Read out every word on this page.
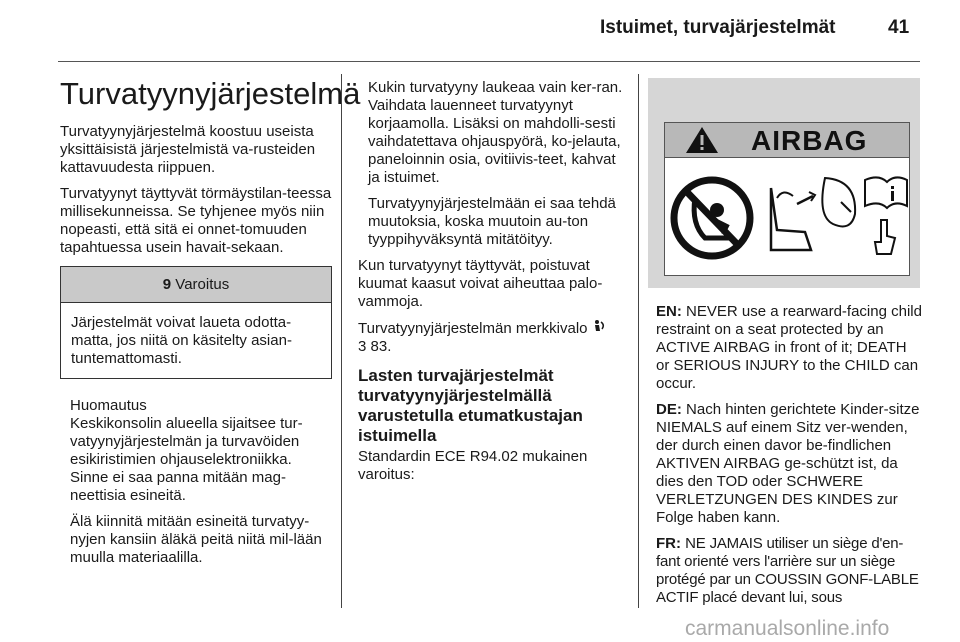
Istuimet, turvajärjestelmät	41
Turvatyynyjärjestelmä

Turvatyynyjärjestelmä koostuu useista yksittäisistä järjestelmistä va-rusteiden kattavuudesta riippuen.

Turvatyynyt täyttyvät törmäystilan-teessa millisekunneissa. Se tyhjenee myös niin nopeasti, että sitä ei onnet-tomuuden tapahtuessa usein havait-sekaan.

9 Varoitus
Järjestelmät voivat laueta odotta-matta, jos niitä on käsitelty asian-tuntemattomasti.
Huomautus

Keskikonsolin alueella sijaitsee tur-vatyynyjärjestelmän ja turvavöiden esikiristimien ohjauselektroniikka. Sinne ei saa panna mitään mag-neettisia esineitä.

Älä kiinnitä mitään esineitä turvatyy-nyjen kansiin äläkä peitä niitä mil-lään muulla materiaalilla.

Kukin turvatyyny laukeaa vain ker-ran. Vaihdata lauenneet turvatyynyt korjaamolla. Lisäksi on mahdolli-sesti vaihdatettava ohjauspyörä, ko-jelauta, paneloinnin osia, ovitiivis-teet, kahvat ja istuimet.

Turvatyynyjärjestelmään ei saa tehdä muutoksia, koska muutoin au-ton tyyppihyväksyntä mitätöityy.

Kun turvatyynyt täyttyvät, poistuvat kuumat kaasut voivat aiheuttaa palo-vammoja.

Turvatyynyjärjestelmän merkkivalo
3 83.

Lasten turvajärjestelmät turvatyynyjärjestelmällä varustetulla etumatkustajan istuimella

Standardin ECE R94.02 mukainen varoitus:

AIRBAG

EN: NEVER use a rearward-facing child restraint on a seat protected by an ACTIVE AIRBAG in front of it; DEATH or SERIOUS INJURY to the CHILD can occur.

DE: Nach hinten gerichtete Kinder-sitze NIEMALS auf einem Sitz ver-wenden, der durch einen davor be-findlichen AKTIVEN AIRBAG ge-schützt ist, da dies den TOD oder SCHWERE VERLETZUNGEN DES KINDES zur Folge haben kann.

FR: NE JAMAIS utiliser un siège d'en-fant orienté vers l'arrière sur un siège protégé par un COUSSIN GONF-LABLE ACTIF placé devant lui, sous

carmanualsonline.info
